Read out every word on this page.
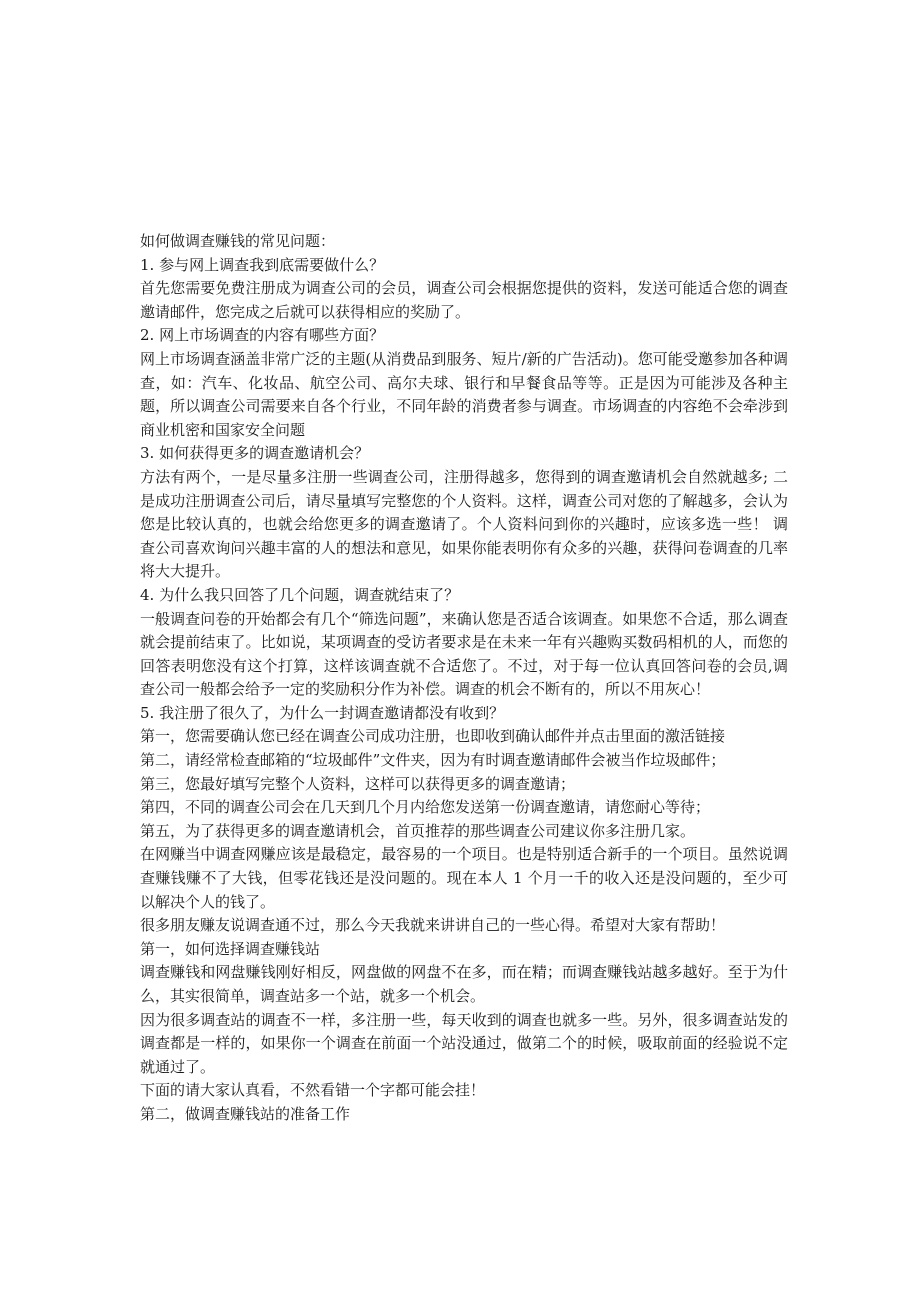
如何做调查赚钱的常见问题：

1. 参与网上调查我到底需要做什么？

首先您需要免费注册成为调查公司的会员，调查公司会根据您提供的资料，发送可能适合您的调查邀请邮件，您完成之后就可以获得相应的奖励了。

2. 网上市场调查的内容有哪些方面？

网上市场调查涵盖非常广泛的主题(从消费品到服务、短片/新的广告活动)。您可能受邀参加各种调查，如：汽车、化妆品、航空公司、高尔夫球、银行和早餐食品等等。正是因为可能涉及各种主题，所以调查公司需要来自各个行业，不同年龄的消费者参与调查。市场调查的内容绝不会牵涉到商业机密和国家安全问题

3. 如何获得更多的调查邀请机会？

方法有两个，一是尽量多注册一些调查公司，注册得越多，您得到的调查邀请机会自然就越多; 二是成功注册调查公司后，请尽量填写完整您的个人资料。这样，调查公司对您的了解越多，会认为您是比较认真的，也就会给您更多的调查邀请了。个人资料问到你的兴趣时，应该多选一些！ 调查公司喜欢询问兴趣丰富的人的想法和意见，如果你能表明你有众多的兴趣，获得问卷调查的几率将大大提升。

4. 为什么我只回答了几个问题，调查就结束了？

一般调查问卷的开始都会有几个“筛选问题”，来确认您是否适合该调查。如果您不合适，那么调查就会提前结束了。比如说，某项调查的受访者要求是在未来一年有兴趣购买数码相机的人，而您的回答表明您没有这个打算，这样该调查就不合适您了。不过，对于每一位认真回答问卷的会员,调查公司一般都会给予一定的奖励积分作为补偿。调查的机会不断有的，所以不用灰心！

5. 我注册了很久了，为什么一封调查邀请都没有收到？

第一，您需要确认您已经在调查公司成功注册，也即收到确认邮件并点击里面的激活链接

第二，请经常检查邮箱的“垃圾邮件”文件夹，因为有时调查邀请邮件会被当作垃圾邮件；

第三，您最好填写完整个人资料，这样可以获得更多的调查邀请；

第四，不同的调查公司会在几天到几个月内给您发送第一份调查邀请，请您耐心等待；

第五，为了获得更多的调查邀请机会，首页推荐的那些调查公司建议你多注册几家。

在网赚当中调查网赚应该是最稳定，最容易的一个项目。也是特别适合新手的一个项目。虽然说调查赚钱赚不了大钱，但零花钱还是没问题的。现在本人 1 个月一千的收入还是没问题的，至少可以解决个人的钱了。

很多朋友赚友说调查通不过，那么今天我就来讲讲自己的一些心得。希望对大家有帮助！

第一，如何选择调查赚钱站

调查赚钱和网盘赚钱刚好相反，网盘做的网盘不在多，而在精；而调查赚钱站越多越好。至于为什么，其实很简单，调查站多一个站，就多一个机会。

因为很多调查站的调查不一样，多注册一些，每天收到的调查也就多一些。另外，很多调查站发的调查都是一样的，如果你一个调查在前面一个站没通过，做第二个的时候，吸取前面的经验说不定就通过了。

下面的请大家认真看，不然看错一个字都可能会挂！

第二，做调查赚钱站的准备工作
